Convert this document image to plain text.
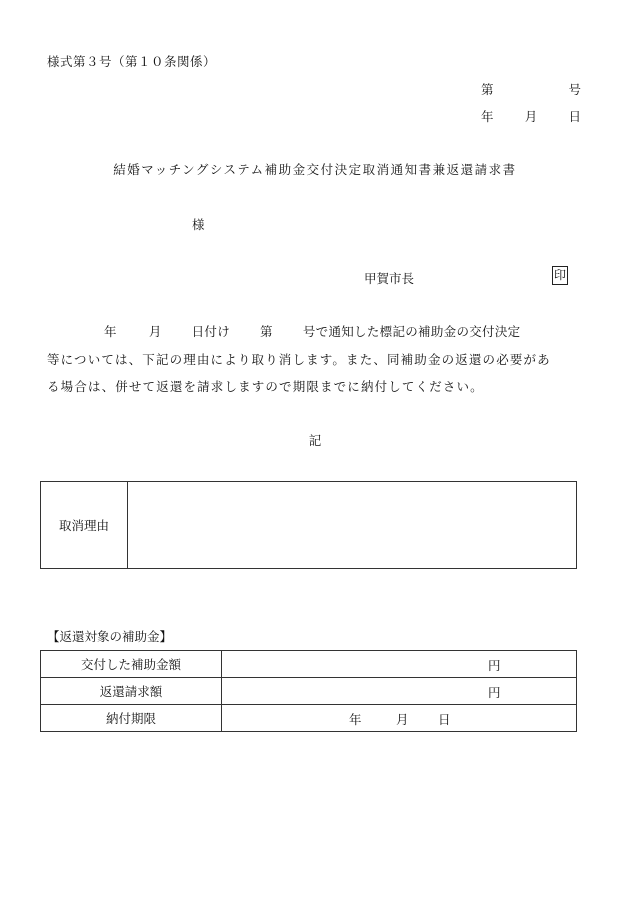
様式第３号（第１０条関係）
第	号
年 月 日
結婚マッチングシステム補助金交付決定取消通知書兼返還請求書
様
甲賀市長	印
年	月 日付け 第 号で通知した標記の補助金の交付決定
等については、下記の理由により取り消します。また、同補助金の返還の必要があ
る場合は、併せて返還を請求しますので期限までに納付してください。
記
取消理由	
【返還対象の補助金】
交付した補助金額	円

返還請求額	円

納付期限	年 月 日
